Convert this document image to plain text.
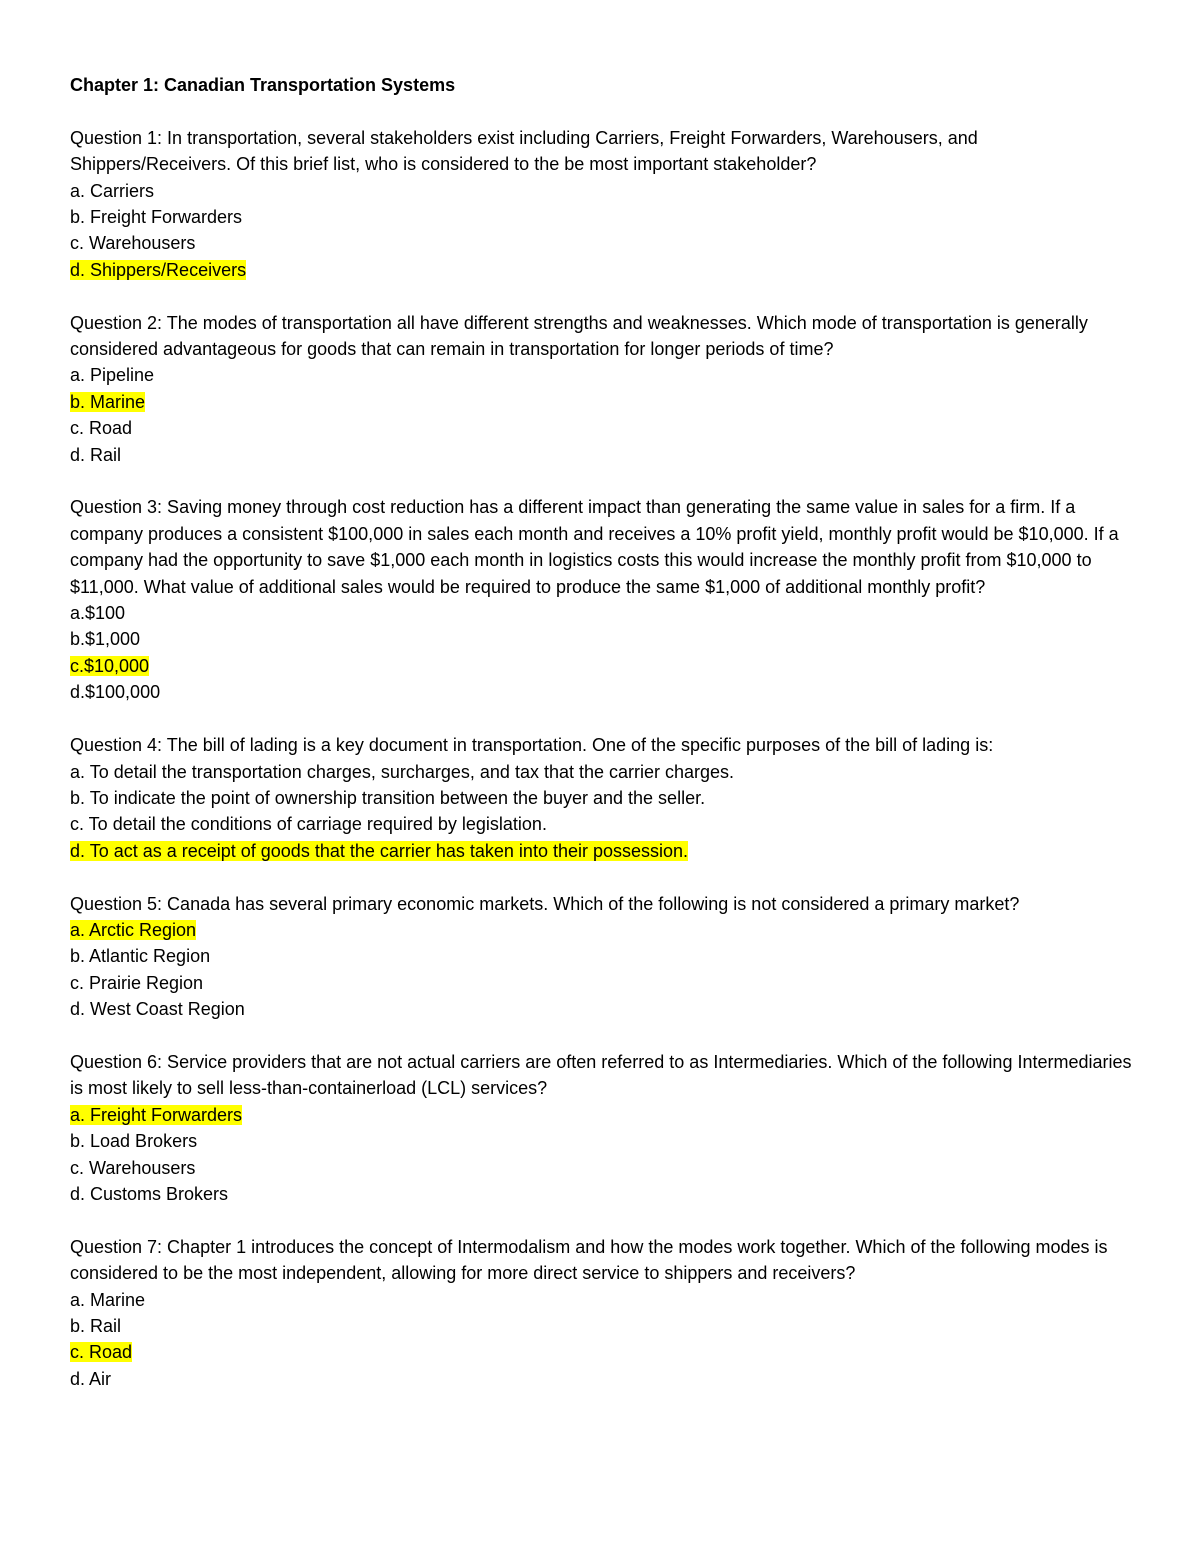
Chapter 1: Canadian Transportation Systems

Question 1: In transportation, several stakeholders exist including Carriers, Freight Forwarders, Warehousers, and Shippers/Receivers. Of this brief list, who is considered to the be most important stakeholder?

a. Carriers
b. Freight Forwarders
c. Warehousers
d. Shippers/Receivers

Question 2: The modes of transportation all have different strengths and weaknesses. Which mode of transportation is generally considered advantageous for goods that can remain in transportation for longer periods of time?

a. Pipeline
b. Marine
c. Road
d. Rail

Question 3: Saving money through cost reduction has a different impact than generating the same value in sales for a firm. If a company produces a consistent $100,000 in sales each month and receives a 10% profit yield, monthly profit would be $10,000. If a company had the opportunity to save $1,000 each month in logistics costs this would increase the monthly profit from $10,000 to $11,000. What value of additional sales would be required to produce the same $1,000 of additional monthly profit?

a.$100
b.$1,000
c.$10,000
d.$100,000

Question 4: The bill of lading is a key document in transportation. One of the specific purposes of the bill of lading is:

a. To detail the transportation charges, surcharges, and tax that the carrier charges.
b. To indicate the point of ownership transition between the buyer and the seller.
c. To detail the conditions of carriage required by legislation.
d. To act as a receipt of goods that the carrier has taken into their possession.

Question 5: Canada has several primary economic markets. Which of the following is not considered a primary market?

a. Arctic Region
b. Atlantic Region
c. Prairie Region
d. West Coast Region

Question 6: Service providers that are not actual carriers are often referred to as Intermediaries. Which of the following Intermediaries is most likely to sell less-than-containerload (LCL) services?

a. Freight Forwarders
b. Load Brokers
c. Warehousers
d. Customs Brokers

Question 7: Chapter 1 introduces the concept of Intermodalism and how the modes work together. Which of the following modes is considered to be the most independent, allowing for more direct service to shippers and receivers?

a. Marine
b. Rail
c. Road
d. Air
